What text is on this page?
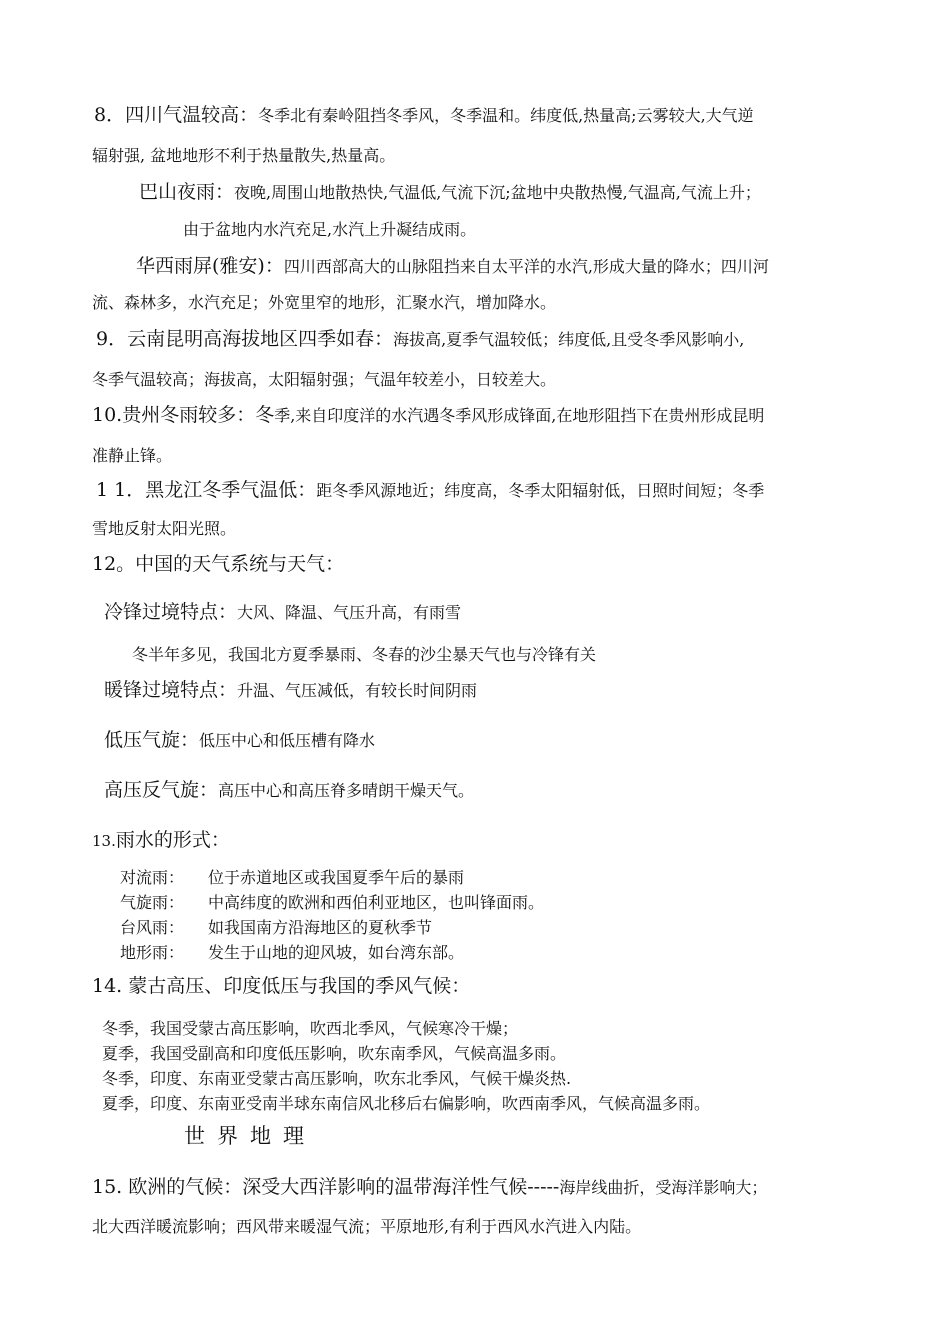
8．四川气温较高：冬季北有秦岭阻挡冬季风，冬季温和。纬度低,热量高;云雾较大,大气逆
辐射强, 盆地地形不利于热量散失,热量高。
巴山夜雨：夜晚,周围山地散热快,气温低,气流下沉;盆地中央散热慢,气温高,气流上升；
由于盆地内水汽充足,水汽上升凝结成雨。
华西雨屏(雅安)：四川西部高大的山脉阻挡来自太平洋的水汽,形成大量的降水；四川河
流、森林多，水汽充足；外宽里窄的地形，汇聚水汽，增加降水。
9．云南昆明高海拔地区四季如春：海拔高,夏季气温较低；纬度低,且受冬季风影响小,
冬季气温较高；海拔高，太阳辐射强；气温年较差小，日较差大。
10.贵州冬雨较多：冬季,来自印度洋的水汽遇冬季风形成锋面,在地形阻挡下在贵州形成昆明
准静止锋。
1 1．黑龙江冬季气温低：距冬季风源地近；纬度高，冬季太阳辐射低，日照时间短；冬季
雪地反射太阳光照。
12。中国的天气系统与天气：
冷锋过境特点：大风、降温、气压升高，有雨雪
冬半年多见，我国北方夏季暴雨、冬春的沙尘暴天气也与冷锋有关
暖锋过境特点：升温、气压减低，有较长时间阴雨
低压气旋：低压中心和低压槽有降水
高压反气旋：高压中心和高压脊多晴朗干燥天气。
13.雨水的形式：
对流雨： 位于赤道地区或我国夏季午后的暴雨
气旋雨： 中高纬度的欧洲和西伯利亚地区，也叫锋面雨。
台风雨： 如我国南方沿海地区的夏秋季节
地形雨： 发生于山地的迎风坡，如台湾东部。
14. 蒙古高压、印度低压与我国的季风气候：
冬季，我国受蒙古高压影响，吹西北季风，气候寒冷干燥；
夏季，我国受副高和印度低压影响，吹东南季风，气候高温多雨。
冬季，印度、东南亚受蒙古高压影响，吹东北季风，气候干燥炎热.
夏季，印度、东南亚受南半球东南信风北移后右偏影响，吹西南季风，气候高温多雨。
世界地理
15. 欧洲的气候：深受大西洋影响的温带海洋性气候-----海岸线曲折，受海洋影响大；
北大西洋暖流影响；西风带来暖湿气流；平原地形,有利于西风水汽进入内陆。
